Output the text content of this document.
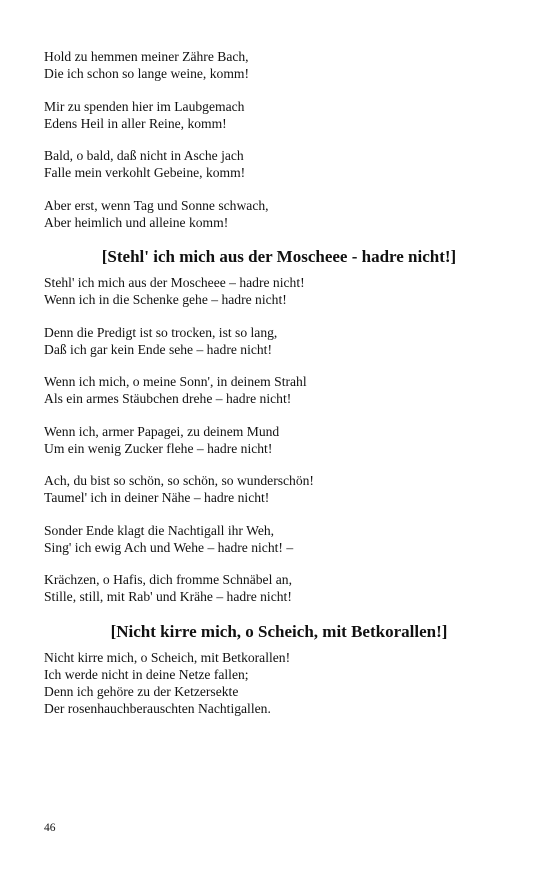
Hold zu hemmen meiner Zähre Bach,
Die ich schon so lange weine, komm!
Mir zu spenden hier im Laubgemach
Edens Heil in aller Reine, komm!
Bald, o bald, daß nicht in Asche jach
Falle mein verkohlt Gebeine, komm!
Aber erst, wenn Tag und Sonne schwach,
Aber heimlich und alleine komm!
[Stehl' ich mich aus der Moscheee - hadre nicht!]
Stehl' ich mich aus der Moscheee – hadre nicht!
Wenn ich in die Schenke gehe – hadre nicht!
Denn die Predigt ist so trocken, ist so lang,
Daß ich gar kein Ende sehe – hadre nicht!
Wenn ich mich, o meine Sonn', in deinem Strahl
Als ein armes Stäubchen drehe – hadre nicht!
Wenn ich, armer Papagei, zu deinem Mund
Um ein wenig Zucker flehe – hadre nicht!
Ach, du bist so schön, so schön, so wunderschön!
Taumel' ich in deiner Nähe – hadre nicht!
Sonder Ende klagt die Nachtigall ihr Weh,
Sing' ich ewig Ach und Wehe – hadre nicht! –
Krächzen, o Hafis, dich fromme Schnäbel an,
Stille, still, mit Rab' und Krähe – hadre nicht!
[Nicht kirre mich, o Scheich, mit Betkorallen!]
Nicht kirre mich, o Scheich, mit Betkorallen!
Ich werde nicht in deine Netze fallen;
Denn ich gehöre zu der Ketzersekte
Der rosenhauchberauschten Nachtigallen.
46
